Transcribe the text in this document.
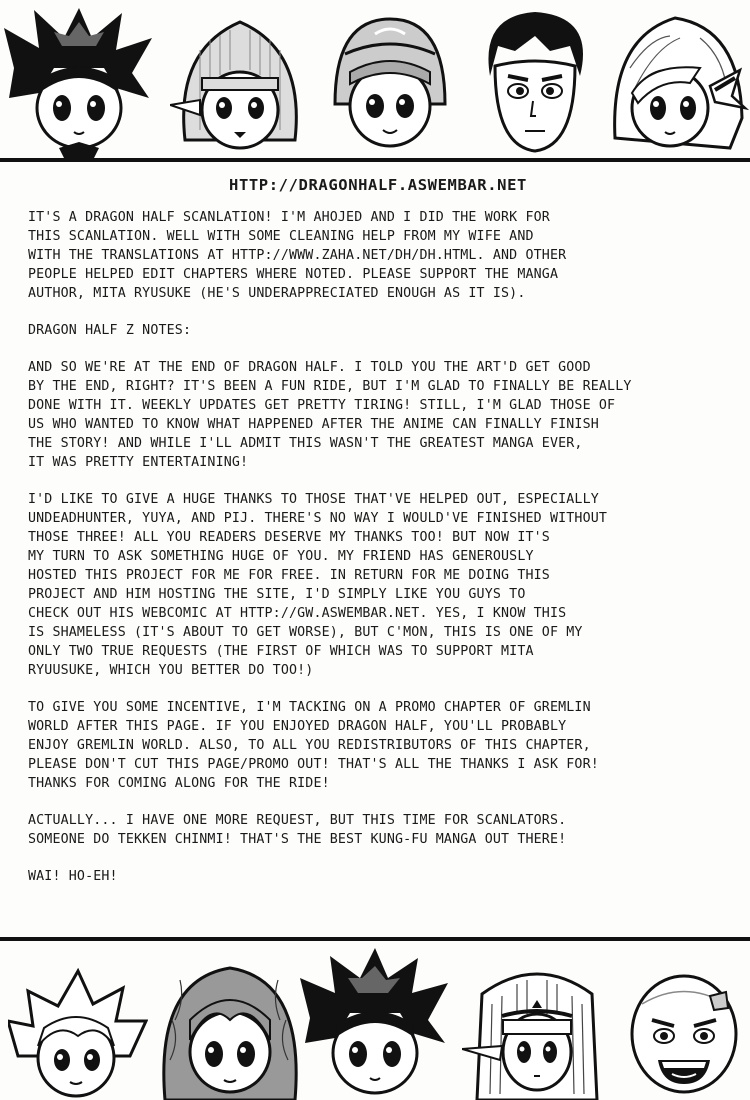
HTTP://DRAGONHALF.ASWEMBAR.NET

IT'S A DRAGON HALF SCANLATION! I'M AHOJED AND I DID THE WORK FOR
THIS SCANLATION. WELL WITH SOME CLEANING HELP FROM MY WIFE AND
WITH THE TRANSLATIONS AT HTTP://WWW.ZAHA.NET/DH/DH.HTML. AND OTHER
PEOPLE HELPED EDIT CHAPTERS WHERE NOTED. PLEASE SUPPORT THE MANGA
AUTHOR, MITA RYUSUKE (HE'S UNDERAPPRECIATED ENOUGH AS IT IS).

DRAGON HALF Z NOTES:

AND SO WE'RE AT THE END OF DRAGON HALF. I TOLD YOU THE ART'D GET GOOD
BY THE END, RIGHT? IT'S BEEN A FUN RIDE, BUT I'M GLAD TO FINALLY BE REALLY
DONE WITH IT. WEEKLY UPDATES GET PRETTY TIRING! STILL, I'M GLAD THOSE OF
US WHO WANTED TO KNOW WHAT HAPPENED AFTER THE ANIME CAN FINALLY FINISH
THE STORY! AND WHILE I'LL ADMIT THIS WASN'T THE GREATEST MANGA EVER,
IT WAS PRETTY ENTERTAINING!

I'D LIKE TO GIVE A HUGE THANKS TO THOSE THAT'VE HELPED OUT, ESPECIALLY
UNDEADHUNTER, YUYA, AND PIJ. THERE'S NO WAY I WOULD'VE FINISHED WITHOUT
THOSE THREE! ALL YOU READERS DESERVE MY THANKS TOO! BUT NOW IT'S
MY TURN TO ASK SOMETHING HUGE OF YOU. MY FRIEND HAS GENEROUSLY
HOSTED THIS PROJECT FOR ME FOR FREE. IN RETURN FOR ME DOING THIS
PROJECT AND HIM HOSTING THE SITE, I'D SIMPLY LIKE YOU GUYS TO
CHECK OUT HIS WEBCOMIC AT HTTP://GW.ASWEMBAR.NET. YES, I KNOW THIS
IS SHAMELESS (IT'S ABOUT TO GET WORSE), BUT C'MON, THIS IS ONE OF MY
ONLY TWO TRUE REQUESTS (THE FIRST OF WHICH WAS TO SUPPORT MITA
RYUUSUKE, WHICH YOU BETTER DO TOO!)

TO GIVE YOU SOME INCENTIVE, I'M TACKING ON A PROMO CHAPTER OF GREMLIN
WORLD AFTER THIS PAGE. IF YOU ENJOYED DRAGON HALF, YOU'LL PROBABLY
ENJOY GREMLIN WORLD. ALSO, TO ALL YOU REDISTRIBUTORS OF THIS CHAPTER,
PLEASE DON'T CUT THIS PAGE/PROMO OUT! THAT'S ALL THE THANKS I ASK FOR!
THANKS FOR COMING ALONG FOR THE RIDE!

ACTUALLY... I HAVE ONE MORE REQUEST, BUT THIS TIME FOR SCANLATORS.
SOMEONE DO TEKKEN CHINMI! THAT'S THE BEST KUNG-FU MANGA OUT THERE!

WAI! HO-EH!
